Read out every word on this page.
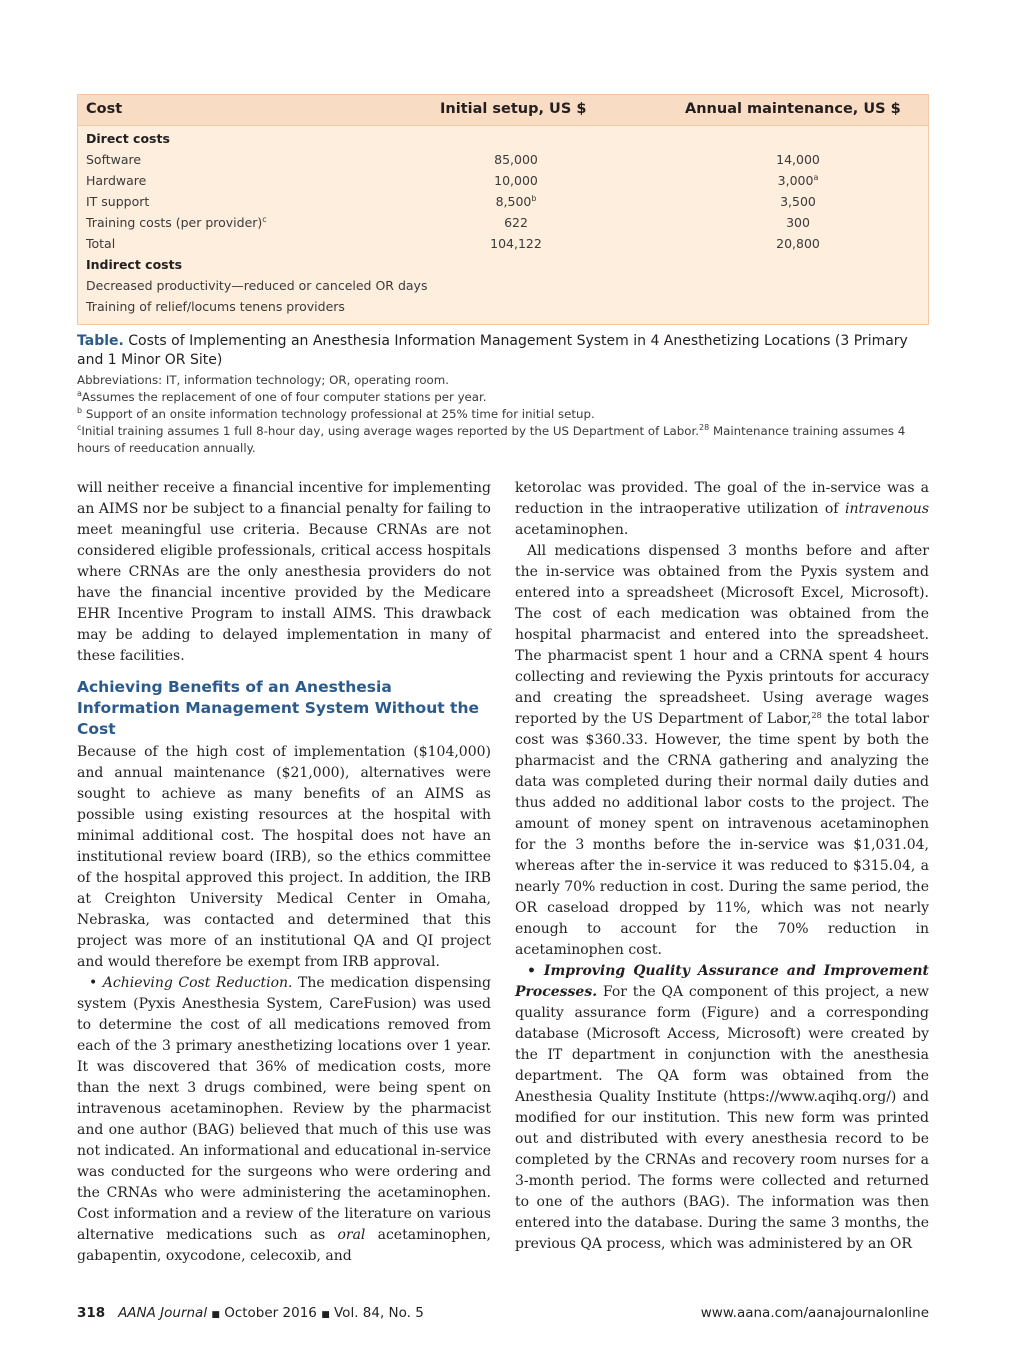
Cost	Initial setup, US $	Annual maintenance, US $
Direct costs
Software	85,000	14,000
Hardware	10,000	3,000$^a$
IT support	8,500$^b$	3,500
Training costs (per provider)$^c$	622	300
Total	104,122	20,800
Indirect costs
Decreased productivity—reduced or canceled OR days
Training of relief/locums tenens providers
Table. Costs of Implementing an Anesthesia Information Management System in 4 Anesthetizing Locations (3 Primary and 1 Minor OR Site)

Abbreviations: IT, information technology; OR, operating room.

$^a$Assumes the replacement of one of four computer stations per year.

$^b$ Support of an onsite information technology professional at 25% time for initial setup.

$^c$Initial training assumes 1 full 8-hour day, using average wages reported by the US Department of Labor.$^{28}$ Maintenance training assumes 4 hours of reeducation annually.

will neither receive a financial incentive for implementing an AIMS nor be subject to a financial penalty for failing to meet meaningful use criteria. Because CRNAs are not considered eligible professionals, critical access hospitals where CRNAs are the only anesthesia providers do not have the financial incentive provided by the Medicare EHR Incentive Program to install AIMS. This drawback may be adding to delayed implementation in many of these facilities.

Achieving Benefits of an Anesthesia Information Management System Without the Cost

Because of the high cost of implementation ($104,000) and annual maintenance ($21,000), alternatives were sought to achieve as many benefits of an AIMS as possible using existing resources at the hospital with minimal additional cost. The hospital does not have an institutional review board (IRB), so the ethics committee of the hospital approved this project. In addition, the IRB at Creighton University Medical Center in Omaha, Nebraska, was contacted and determined that this project was more of an institutional QA and QI project and would therefore be exempt from IRB approval.

• Achieving Cost Reduction. The medication dispensing system (Pyxis Anesthesia System, CareFusion) was used to determine the cost of all medications removed from each of the 3 primary anesthetizing locations over 1 year. It was discovered that 36% of medication costs, more than the next 3 drugs combined, were being spent on intravenous acetaminophen. Review by the pharmacist and one author (BAG) believed that much of this use was not indicated. An informational and educational in-service was conducted for the surgeons who were ordering and the CRNAs who were administering the acetaminophen. Cost information and a review of the literature on various alternative medications such as oral acetaminophen, gabapentin, oxycodone, celecoxib, and

ketorolac was provided. The goal of the in-service was a reduction in the intraoperative utilization of intravenous acetaminophen.

All medications dispensed 3 months before and after the in-service was obtained from the Pyxis system and entered into a spreadsheet (Microsoft Excel, Microsoft). The cost of each medication was obtained from the hospital pharmacist and entered into the spreadsheet. The pharmacist spent 1 hour and a CRNA spent 4 hours collecting and reviewing the Pyxis printouts for accuracy and creating the spreadsheet. Using average wages reported by the US Department of Labor,$^{28}$ the total labor cost was $360.33. However, the time spent by both the pharmacist and the CRNA gathering and analyzing the data was completed during their normal daily duties and thus added no additional labor costs to the project. The amount of money spent on intravenous acetaminophen for the 3 months before the in-service was $1,031.04, whereas after the in-service it was reduced to $315.04, a nearly 70% reduction in cost. During the same period, the OR caseload dropped by 11%, which was not nearly enough to account for the 70% reduction in acetaminophen cost.

• Improving Quality Assurance and Improvement Processes. For the QA component of this project, a new quality assurance form (Figure) and a corresponding database (Microsoft Access, Microsoft) were created by the IT department in conjunction with the anesthesia department. The QA form was obtained from the Anesthesia Quality Institute (https://www.aqihq.org/) and modified for our institution. This new form was printed out and distributed with every anesthesia record to be completed by the CRNAs and recovery room nurses for a 3-month period. The forms were collected and returned to one of the authors (BAG). The information was then entered into the database. During the same 3 months, the previous QA process, which was administered by an OR

318 AANA Journal ■ October 2016 ■ Vol. 84, No. 5	www.aana.com/aanajournalonline
